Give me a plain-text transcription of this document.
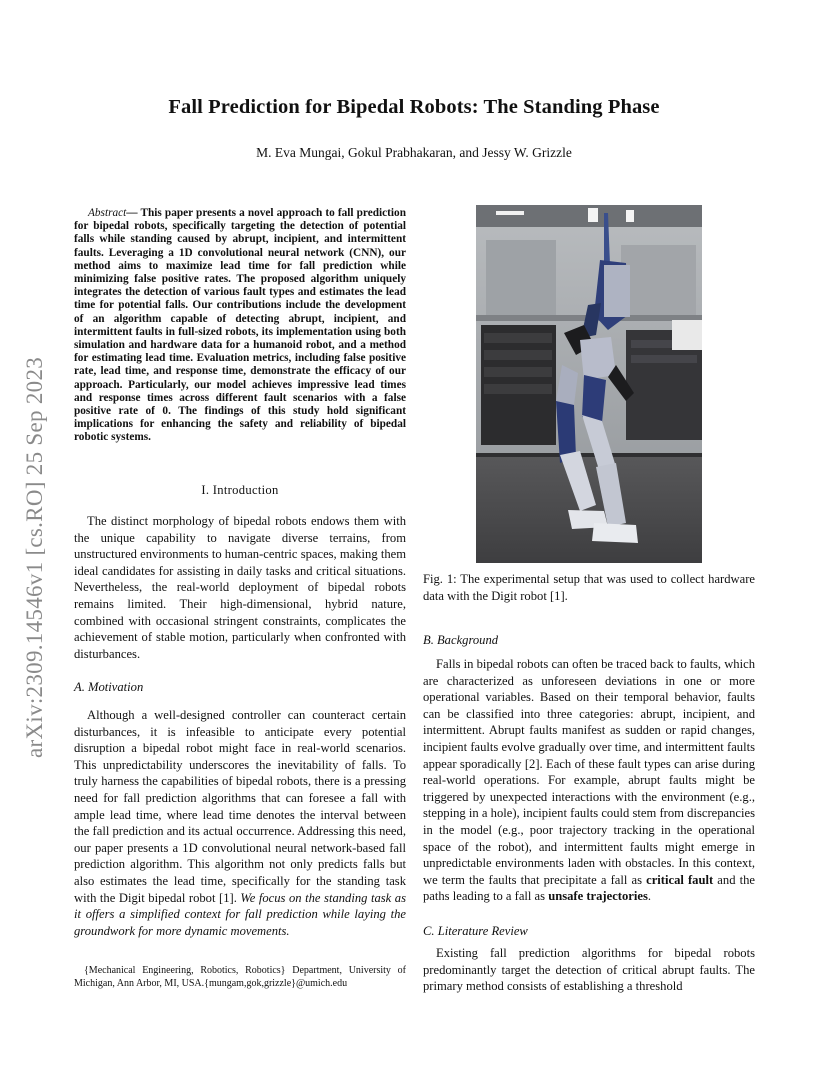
Fall Prediction for Bipedal Robots: The Standing Phase
M. Eva Mungai, Gokul Prabhakaran, and Jessy W. Grizzle
arXiv:2309.14546v1 [cs.RO] 25 Sep 2023

Abstract— This paper presents a novel approach to fall prediction for bipedal robots, specifically targeting the detection of potential falls while standing caused by abrupt, incipient, and intermittent faults. Leveraging a 1D convolutional neural network (CNN), our method aims to maximize lead time for fall prediction while minimizing false positive rates. The proposed algorithm uniquely integrates the detection of various fault types and estimates the lead time for potential falls. Our contributions include the development of an algorithm capable of detecting abrupt, incipient, and intermittent faults in full-sized robots, its implementation using both simulation and hardware data for a humanoid robot, and a method for estimating lead time. Evaluation metrics, including false positive rate, lead time, and response time, demonstrate the efficacy of our approach. Particularly, our model achieves impressive lead times and response times across different fault scenarios with a false positive rate of 0. The findings of this study hold significant implications for enhancing the safety and reliability of bipedal robotic systems.

I. Introduction

The distinct morphology of bipedal robots endows them with the unique capability to navigate diverse terrains, from unstructured environments to human-centric spaces, making them ideal candidates for assisting in daily tasks and critical situations. Nevertheless, the real-world deployment of bipedal robots remains limited. Their high-dimensional, hybrid nature, combined with occasional stringent constraints, complicates the achievement of stable motion, particularly when confronted with disturbances.

A. Motivation

Although a well-designed controller can counteract certain disturbances, it is infeasible to anticipate every potential disruption a bipedal robot might face in real-world scenarios. This unpredictability underscores the inevitability of falls. To truly harness the capabilities of bipedal robots, there is a pressing need for fall prediction algorithms that can foresee a fall with ample lead time, where lead time denotes the interval between the fall prediction and its actual occurrence. Addressing this need, our paper presents a 1D convolutional neural network-based fall prediction algorithm. This algorithm not only predicts falls but also estimates the lead time, specifically for the standing task with the Digit bipedal robot [1]. We focus on the standing task as it offers a simplified context for fall prediction while laying the groundwork for more dynamic movements.

{Mechanical Engineering, Robotics, Robotics} Department, University of Michigan, Ann Arbor, MI, USA.{mungam,gok,grizzle}@umich.edu

Fig. 1: The experimental setup that was used to collect hardware data with the Digit robot [1].

B. Background

Falls in bipedal robots can often be traced back to faults, which are characterized as unforeseen deviations in one or more operational variables. Based on their temporal behavior, faults can be classified into three categories: abrupt, incipient, and intermittent. Abrupt faults manifest as sudden or rapid changes, incipient faults evolve gradually over time, and intermittent faults appear sporadically [2]. Each of these fault types can arise during real-world operations. For example, abrupt faults might be triggered by unexpected interactions with the environment (e.g., stepping in a hole), incipient faults could stem from discrepancies in the model (e.g., poor trajectory tracking in the operational space of the robot), and intermittent faults might emerge in unpredictable environments laden with obstacles. In this context, we term the faults that precipitate a fall as critical fault and the paths leading to a fall as unsafe trajectories.

C. Literature Review

Existing fall prediction algorithms for bipedal robots predominantly target the detection of critical abrupt faults. The primary method consists of establishing a threshold
